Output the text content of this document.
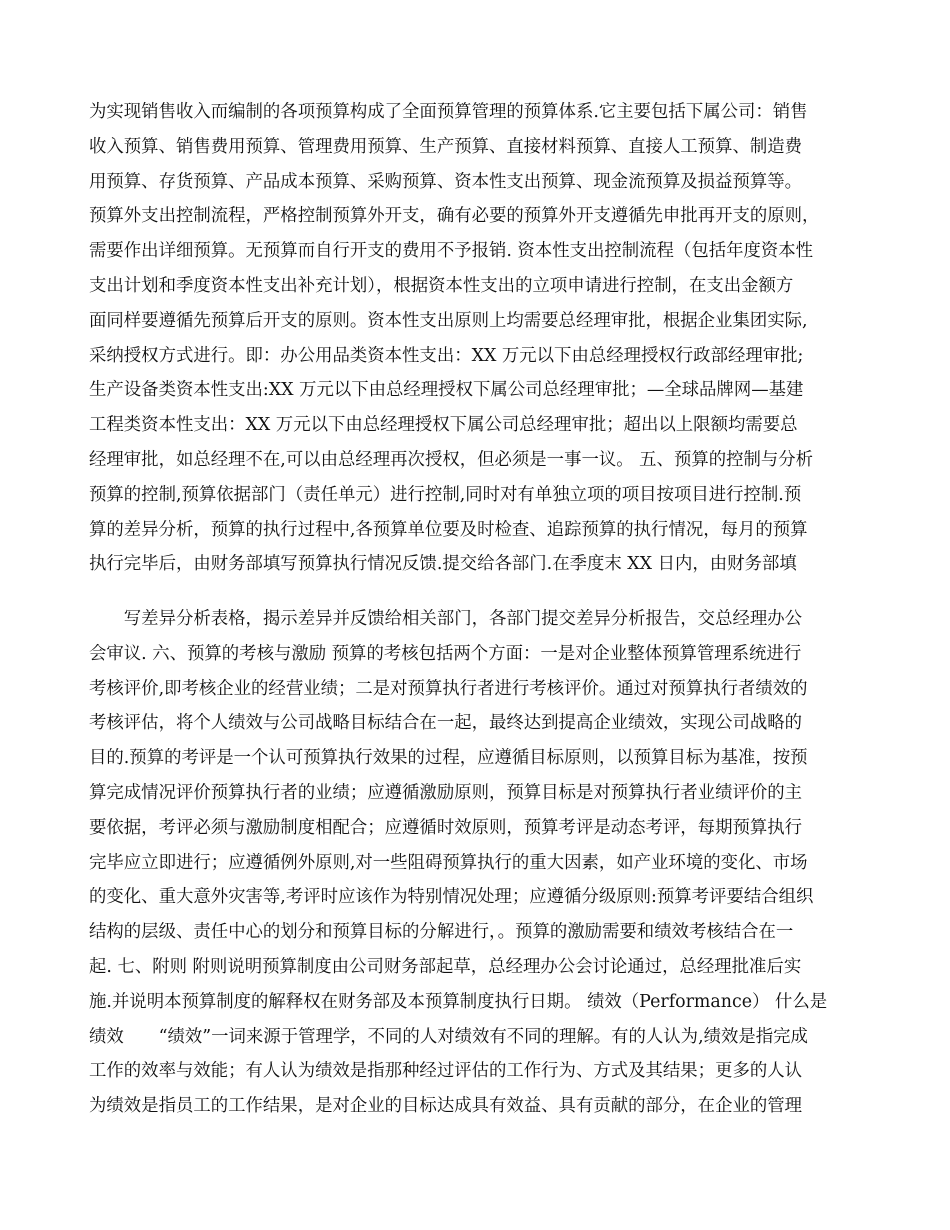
为实现销售收入而编制的各项预算构成了全面预算管理的预算体系.它主要包括下属公司：销售
收入预算、销售费用预算、管理费用预算、生产预算、直接材料预算、直接人工预算、制造费
用预算、存货预算、产品成本预算、采购预算、资本性支出预算、现金流预算及损益预算等。
预算外支出控制流程，严格控制预算外开支，确有必要的预算外开支遵循先申批再开支的原则，
需要作出详细预算。无预算而自行开支的费用不予报销. 资本性支出控制流程（包括年度资本性
支出计划和季度资本性支出补充计划），根据资本性支出的立项申请进行控制，在支出金额方
面同样要遵循先预算后开支的原则。资本性支出原则上均需要总经理审批，根据企业集团实际,
采纳授权方式进行。即：办公用品类资本性支出：XX 万元以下由总经理授权行政部经理审批;
生产设备类资本性支出:XX 万元以下由总经理授权下属公司总经理审批；—全球品牌网—基建
工程类资本性支出：XX 万元以下由总经理授权下属公司总经理审批；超出以上限额均需要总
经理审批，如总经理不在,可以由总经理再次授权，但必须是一事一议。 五、预算的控制与分析
预算的控制,预算依据部门（责任单元）进行控制,同时对有单独立项的项目按项目进行控制.预
算的差异分析，预算的执行过程中,各预算单位要及时检查、追踪预算的执行情况，每月的预算
执行完毕后，由财务部填写预算执行情况反馈.提交给各部门.在季度末 XX 日内，由财务部填
　　写差异分析表格，揭示差异并反馈给相关部门，各部门提交差异分析报告，交总经理办公
会审议. 六、预算的考核与激励 预算的考核包括两个方面：一是对企业整体预算管理系统进行
考核评价,即考核企业的经营业绩；二是对预算执行者进行考核评价。通过对预算执行者绩效的
考核评估，将个人绩效与公司战略目标结合在一起，最终达到提高企业绩效，实现公司战略的
目的.预算的考评是一个认可预算执行效果的过程，应遵循目标原则，以预算目标为基准，按预
算完成情况评价预算执行者的业绩；应遵循激励原则，预算目标是对预算执行者业绩评价的主
要依据，考评必须与激励制度相配合；应遵循时效原则，预算考评是动态考评，每期预算执行
完毕应立即进行；应遵循例外原则,对一些阻碍预算执行的重大因素，如产业环境的变化、市场
的变化、重大意外灾害等,考评时应该作为特别情况处理；应遵循分级原则:预算考评要结合组织
结构的层级、责任中心的划分和预算目标的分解进行，。预算的激励需要和绩效考核结合在一
起. 七、附则 附则说明预算制度由公司财务部起草，总经理办公会讨论通过，总经理批准后实
施.并说明本预算制度的解释权在财务部及本预算制度执行日期。 绩效（Performance） 什么是
绩效　　“绩效”一词来源于管理学，不同的人对绩效有不同的理解。有的人认为,绩效是指完成
工作的效率与效能；有人认为绩效是指那种经过评估的工作行为、方式及其结果；更多的人认
为绩效是指员工的工作结果，是对企业的目标达成具有效益、具有贡献的部分，在企业的管理
